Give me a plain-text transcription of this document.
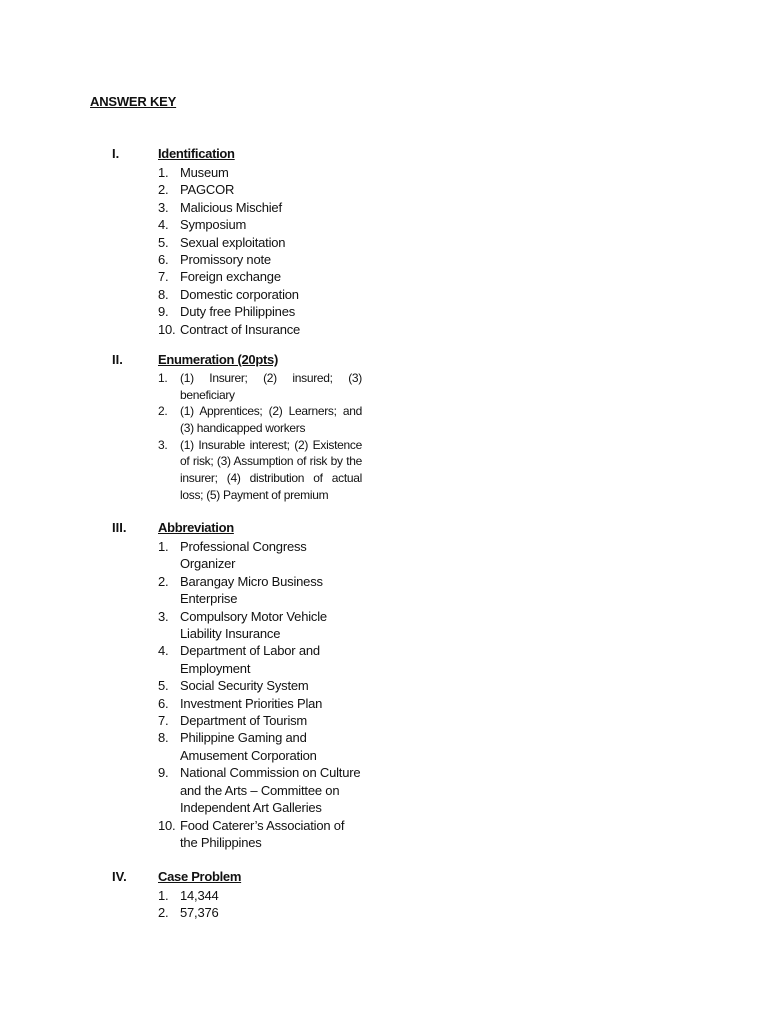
ANSWER KEY
I.	Identification
1. Museum
2. PAGCOR
3. Malicious Mischief
4. Symposium
5. Sexual exploitation
6. Promissory note
7. Foreign exchange
8. Domestic corporation
9. Duty free Philippines
10. Contract of Insurance
II.	Enumeration (20pts)
1. (1) Insurer; (2) insured; (3) beneficiary
2. (1) Apprentices; (2) Learners; and (3) handicapped workers
3. (1) Insurable interest; (2) Existence of risk; (3) Assumption of risk by the insurer; (4) distribution of actual loss; (5) Payment of premium
III. Abbreviation
1. Professional Congress Organizer
2. Barangay Micro Business Enterprise
3. Compulsory Motor Vehicle Liability Insurance
4. Department of Labor and Employment
5. Social Security System
6. Investment Priorities Plan
7. Department of Tourism
8. Philippine Gaming and Amusement Corporation
9. National Commission on Culture and the Arts – Committee on Independent Art Galleries
10. Food Caterer’s Association of the Philippines
IV. Case Problem
1. 14,344
2. 57,376
